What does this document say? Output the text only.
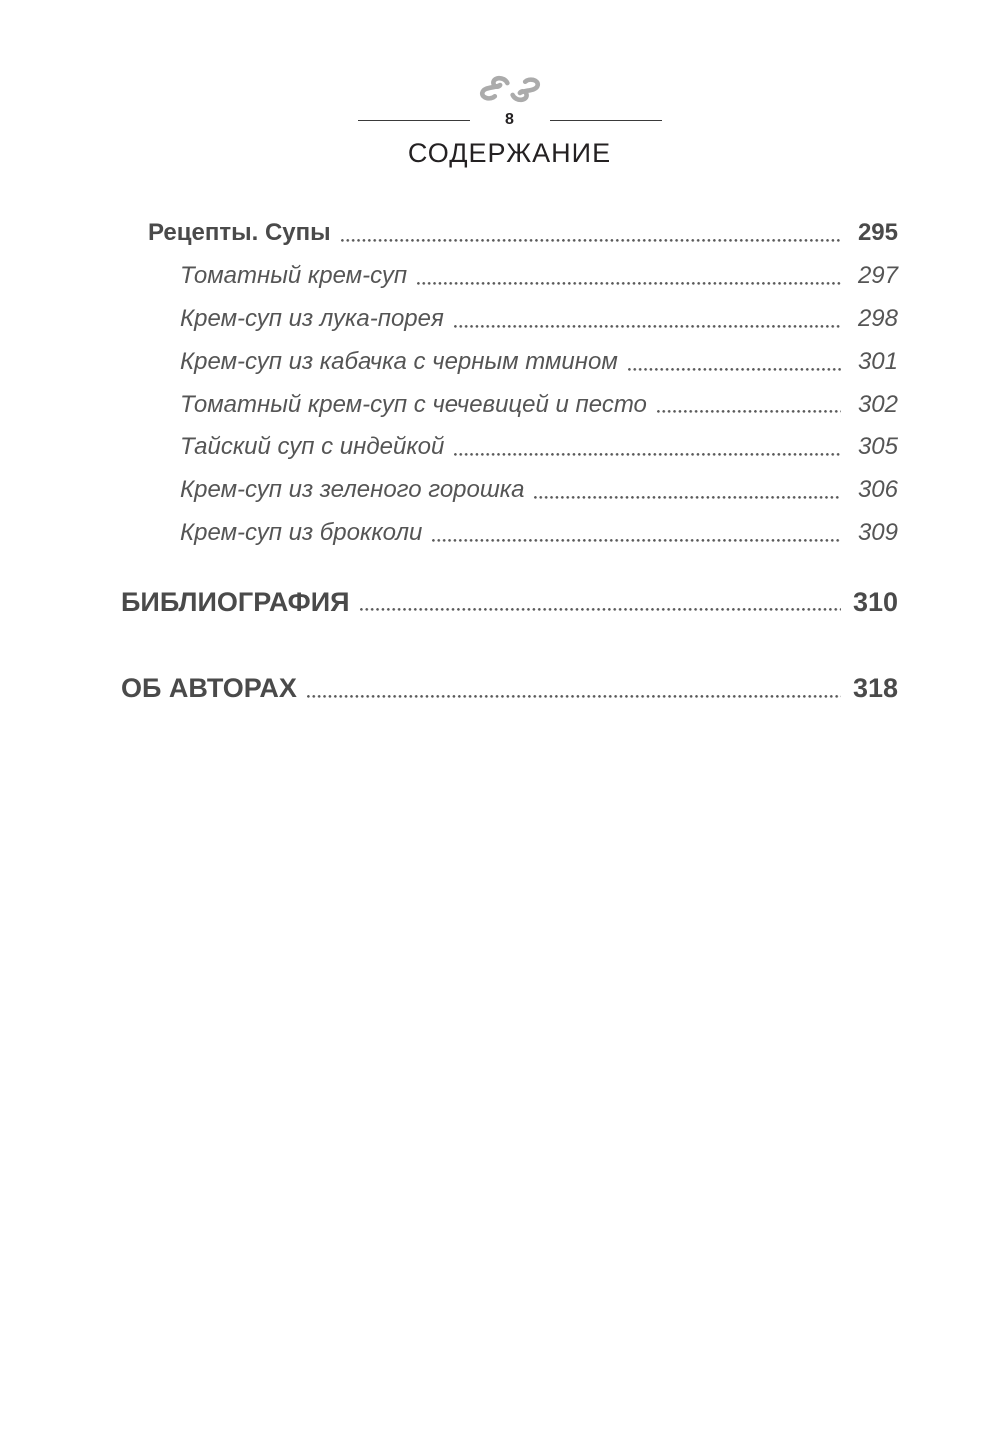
8
СОДЕРЖАНИЕ
Рецепты. Супы	295
Томатный крем-суп	297
Крем-суп из лука-порея	298
Крем-суп из кабачка с черным тмином	301
Томатный крем-суп с чечевицей и песто	302
Тайский суп с индейкой	305
Крем-суп из зеленого горошка	306
Крем-суп из брокколи	309
БИБЛИОГРАФИЯ	310
ОБ АВТОРАХ	318
